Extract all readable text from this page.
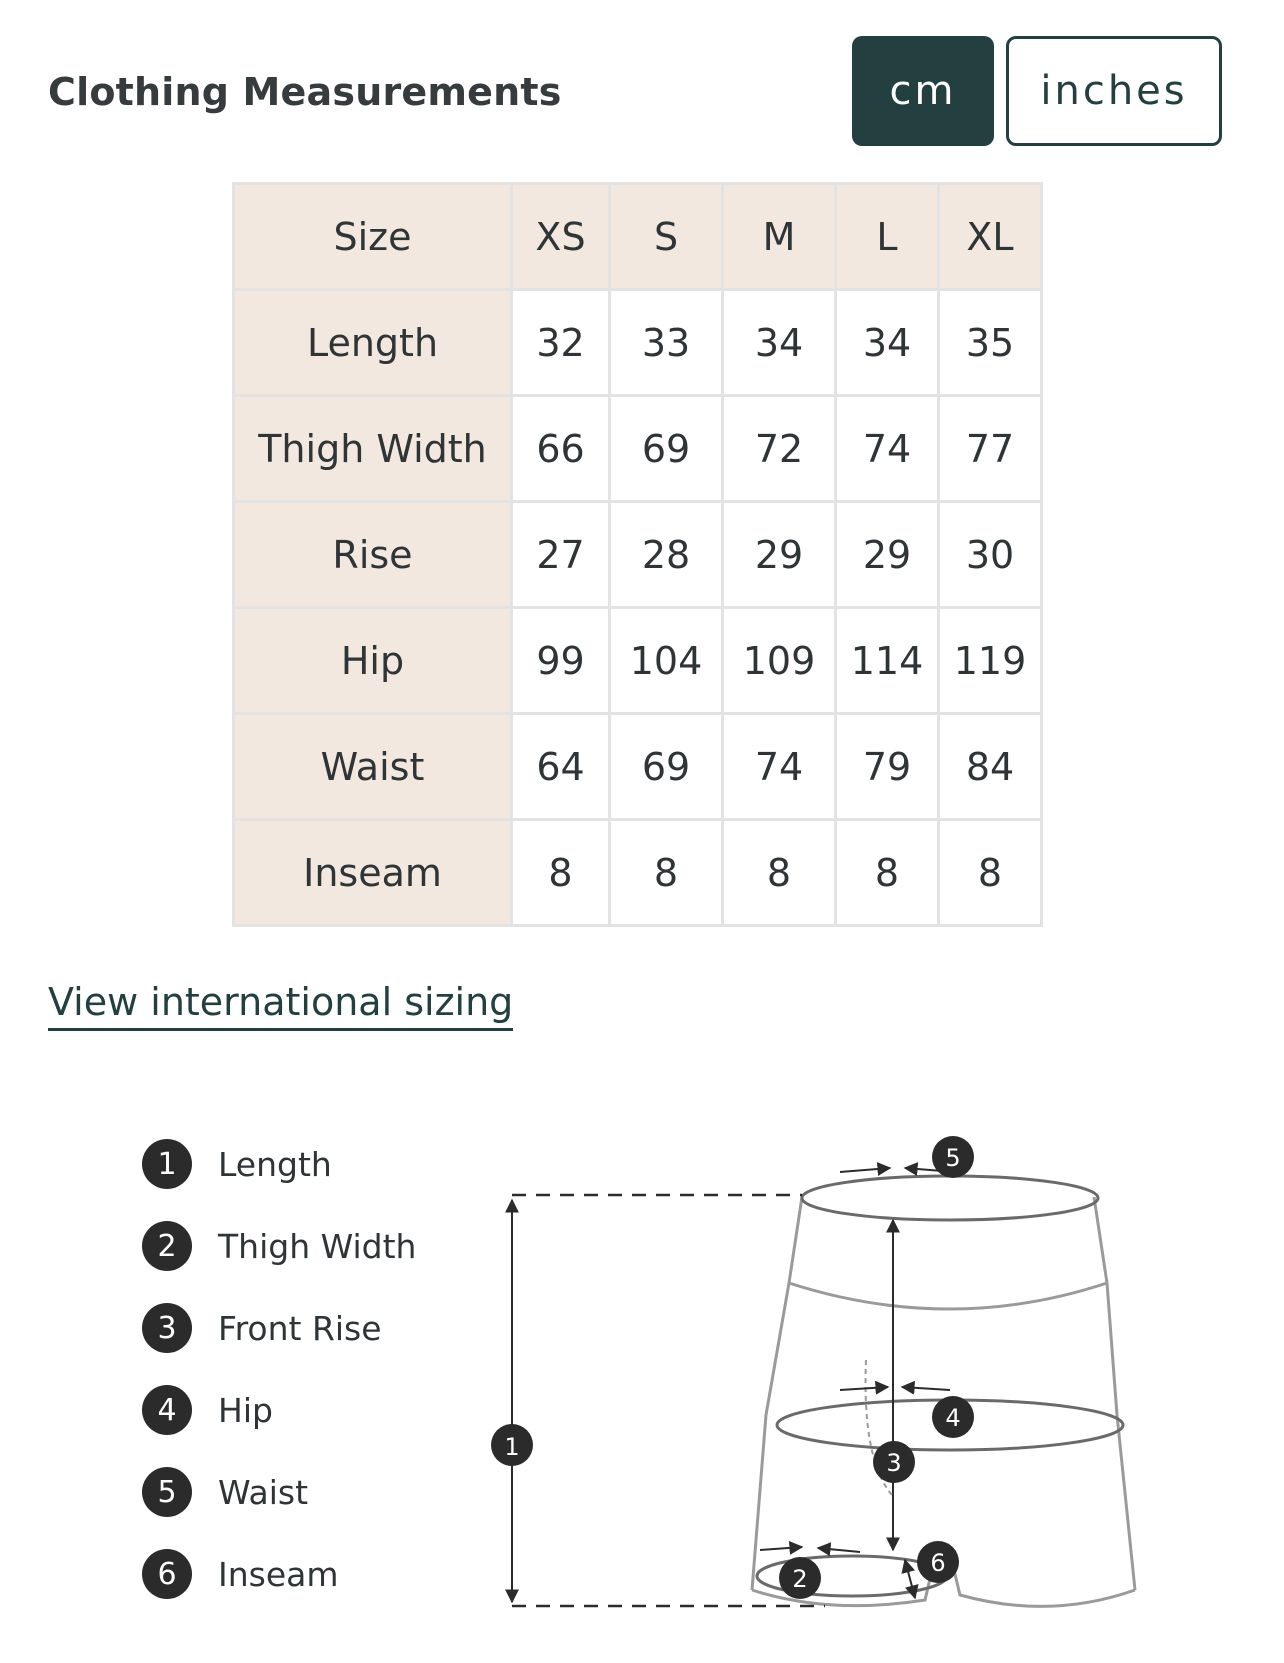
Clothing Measurements	cm	inches
Size	XS	S	M	L	XL
Length	32	33	34	34	35
Thigh Width	66	69	72	74	77
Rise	27	28	29	29	30
Hip	99	104	109	114	119
Waist	64	69	74	79	84
Inseam	8	8	8	8	8
View international sizing
1	Length
2	Thigh Width
3	Front Rise
4	Hip
5	Waist
6	Inseam
1
2
3
4
5
6
